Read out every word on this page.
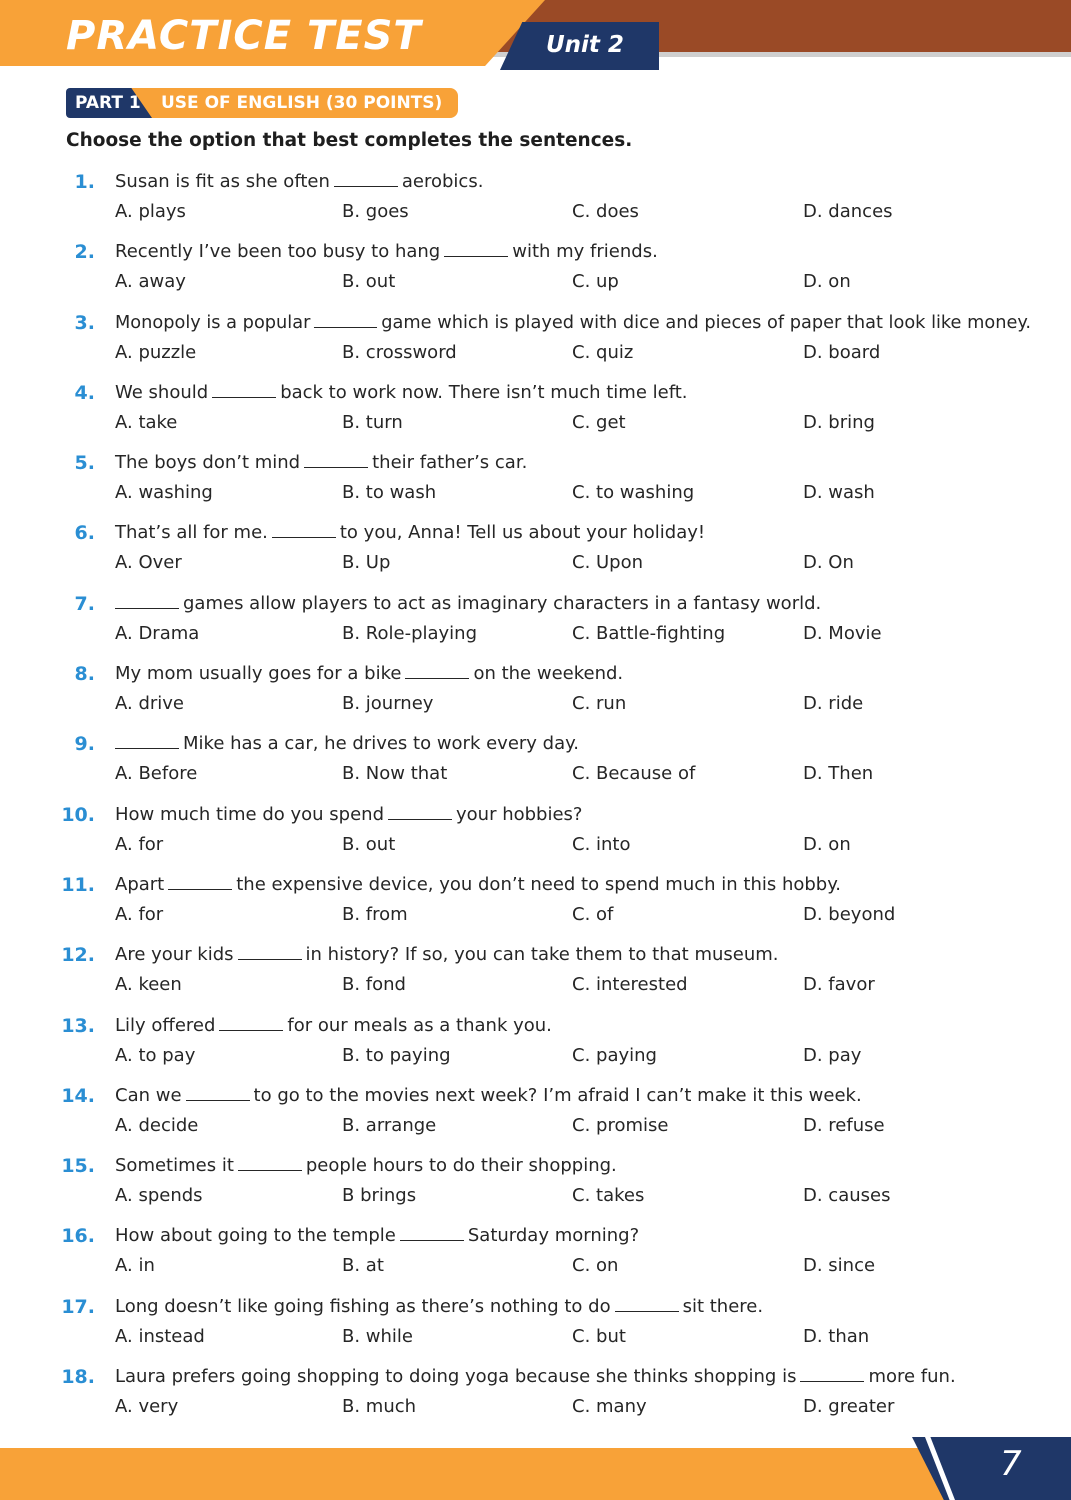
PRACTICE TEST	Unit 2
PART 1 USE OF ENGLISH (30 POINTS)
Choose the option that best completes the sentences.
1. Susan is fit as she often	aerobics.
A. plays	B. goes	C. does	D. dances
2. Recently I’ve been too busy to hang	with my friends.
A. away	B. out	C. up	D. on
3. Monopoly is a popular	game which is played with dice and pieces of paper that look like money.
A. puzzle	B. crossword	C. quiz	D. board
4. We should	back to work now. There isn’t much time left.
A. take	B. turn	C. get	D. bring
5. The boys don’t mind	their father’s car.
A. washing	B. to wash	C. to washing	D. wash
6. That’s all for me.	to you, Anna! Tell us about your holiday!
A. Over	B. Up	C. Upon	D. On
7.	games allow players to act as imaginary characters in a fantasy world.
A. Drama	B. Role-playing	C. Battle-fighting	D. Movie
8. My mom usually goes for a bike	on the weekend.
A. drive	B. journey	C. run	D. ride
9.	Mike has a car, he drives to work every day.
A. Before	B. Now that	C. Because of	D. Then
10. How much time do you spend	your hobbies?
A. for	B. out	C. into	D. on
11. Apart	the expensive device, you don’t need to spend much in this hobby.
A. for	B. from	C. of	D. beyond
12. Are your kids	in history? If so, you can take them to that museum.
A. keen	B. fond	C. interested	D. favor
13. Lily offered	for our meals as a thank you.
A. to pay	B. to paying	C. paying	D. pay
14. Can we	to go to the movies next week? I’m afraid I can’t make it this week.
A. decide	B. arrange	C. promise	D. refuse
15. Sometimes it	people hours to do their shopping.
A. spends	B brings	C. takes	D. causes
16. How about going to the temple	Saturday morning?
A. in	B. at	C. on	D. since
17. Long doesn’t like going fishing as there’s nothing to do	sit there.
A. instead	B. while	C. but	D. than
18. Laura prefers going shopping to doing yoga because she thinks shopping is	more fun.
A. very	B. much	C. many	D. greater
7
